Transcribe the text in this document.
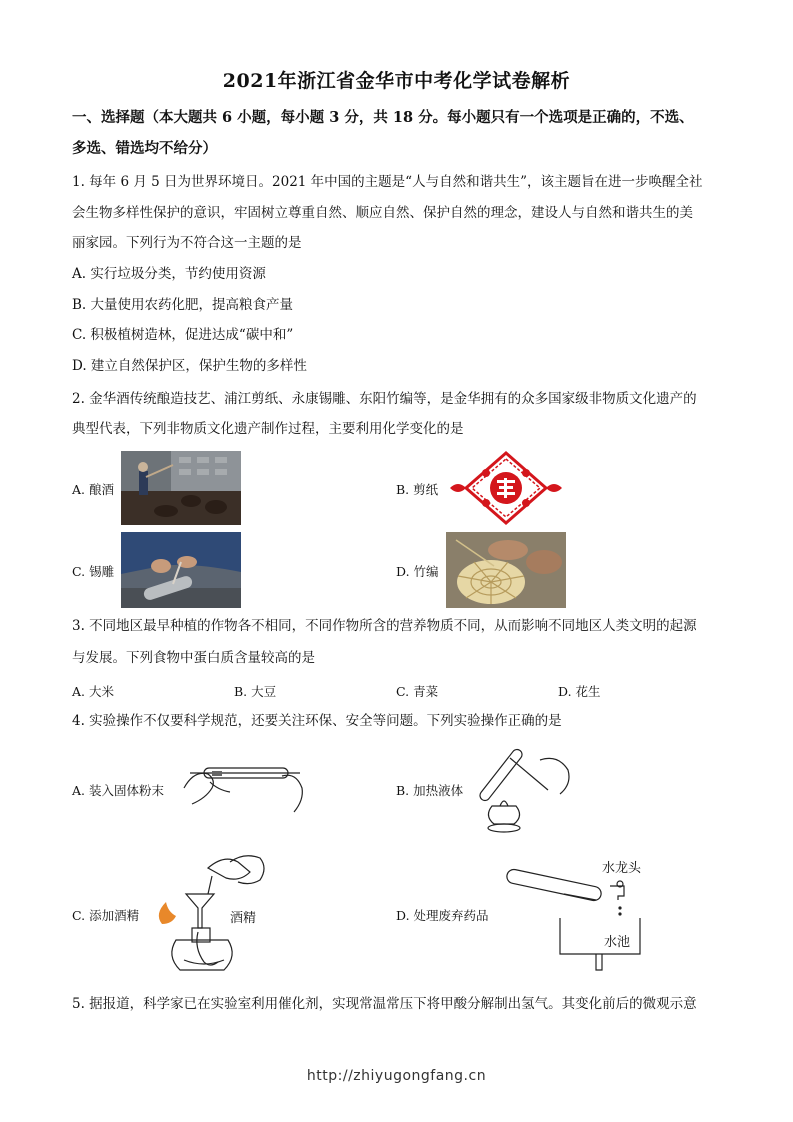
2021年浙江省金华市中考化学试卷解析
一、选择题（本大题共 6 小题，每小题 3 分，共 18 分。每小题只有一个选项是正确的，不选、
多选、错选均不给分）
1. 每年 6 月 5 日为世界环境日。2021 年中国的主题是“人与自然和谐共生”，该主题旨在进一步唤醒全社
会生物多样性保护的意识，牢固树立尊重自然、顺应自然、保护自然的理念，建设人与自然和谐共生的美
丽家园。下列行为不符合这一主题的是
A. 实行垃圾分类，节约使用资源
B. 大量使用农药化肥，提高粮食产量
C. 积极植树造林，促进达成“碳中和”
D. 建立自然保护区，保护生物的多样性
2. 金华酒传统酿造技艺、浦江剪纸、永康锡雕、东阳竹编等，是金华拥有的众多国家级非物质文化遗产的
典型代表，下列非物质文化遗产制作过程，主要利用化学变化的是
A. 酿酒	B. 剪纸
C. 锡雕	D. 竹编
3. 不同地区最早种植的作物各不相同，不同作物所含的营养物质不同，从而影响不同地区人类文明的起源
与发展。下列食物中蛋白质含量较高的是
A. 大米	B. 大豆	C. 青菜	D. 花生
4. 实验操作不仅要科学规范，还要关注环保、安全等问题。下列实验操作正确的是
A. 装入固体粉末	B. 加热液体
C. 添加酒精	酒精	D. 处理废弃药品
水龙头
水池
5. 据报道，科学家已在实验室利用催化剂，实现常温常压下将甲酸分解制出氢气。其变化前后的微观示意
http://zhiyugongfang.cn
